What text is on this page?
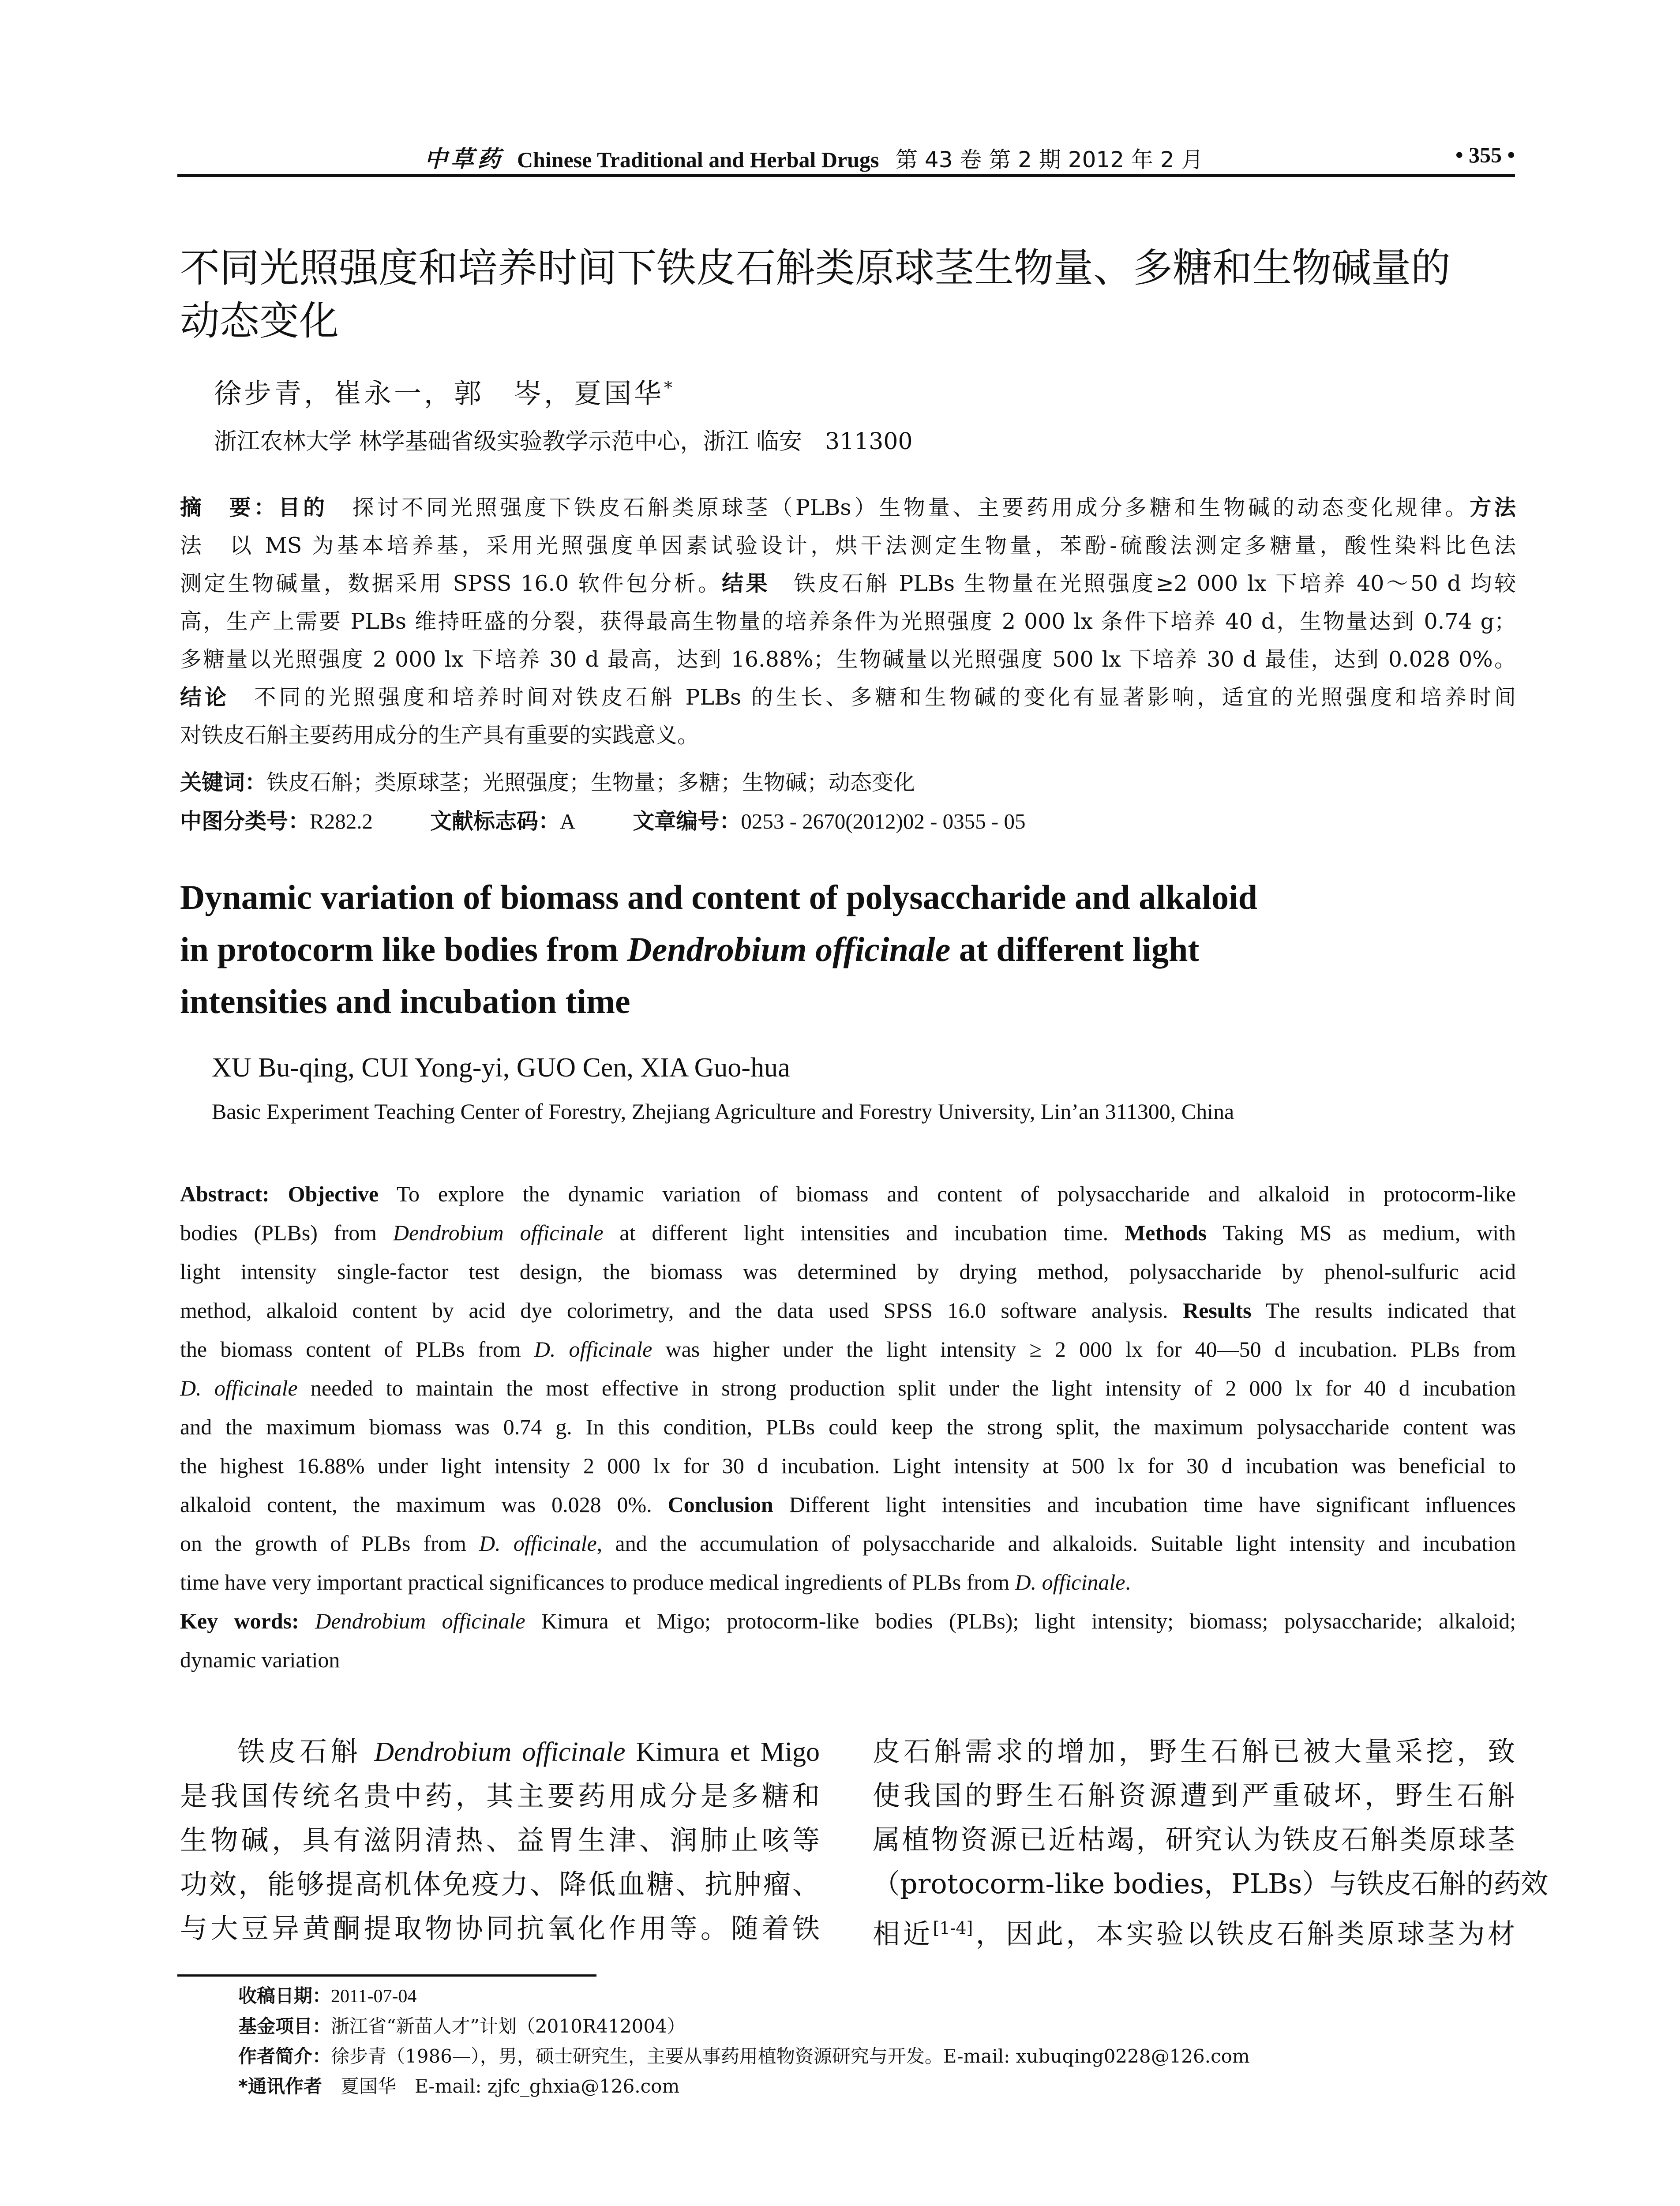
中草药 Chinese Traditional and Herbal Drugs 第 43 卷 第 2 期 2012 年 2 月	• 355 •
不同光照强度和培养时间下铁皮石斛类原球茎生物量、多糖和生物碱量的
动态变化
徐步青，崔永一，郭　岑，夏国华*
浙江农林大学 林学基础省级实验教学示范中心，浙江 临安　311300
摘　要：目的　探讨不同光照强度下铁皮石斛类原球茎（PLBs）生物量、主要药用成分多糖和生物碱的动态变化规律。方法
法　以 MS 为基本培养基，采用光照强度单因素试验设计，烘干法测定生物量，苯酚-硫酸法测定多糖量，酸性染料比色法
测定生物碱量，数据采用 SPSS 16.0 软件包分析。结果　铁皮石斛 PLBs 生物量在光照强度≥2 000 lx 下培养 40～50 d 均较
高，生产上需要 PLBs 维持旺盛的分裂，获得最高生物量的培养条件为光照强度 2 000 lx 条件下培养 40 d，生物量达到 0.74 g；
多糖量以光照强度 2 000 lx 下培养 30 d 最高，达到 16.88%；生物碱量以光照强度 500 lx 下培养 30 d 最佳，达到 0.028 0%。
结论　不同的光照强度和培养时间对铁皮石斛 PLBs 的生长、多糖和生物碱的变化有显著影响，适宜的光照强度和培养时间
对铁皮石斛主要药用成分的生产具有重要的实践意义。
关键词：铁皮石斛；类原球茎；光照强度；生物量；多糖；生物碱；动态变化
中图分类号：R282.2	文献标志码：A	文章编号：0253 - 2670(2012)02 - 0355 - 05
Dynamic variation of biomass and content of polysaccharide and alkaloid
in protocorm like bodies from Dendrobium officinale at different light
intensities and incubation time
XU Bu-qing, CUI Yong-yi, GUO Cen, XIA Guo-hua
Basic Experiment Teaching Center of Forestry, Zhejiang Agriculture and Forestry University, Lin’an 311300, China
Abstract: Objective To explore the dynamic variation of biomass and content of polysaccharide and alkaloid in protocorm-like
bodies (PLBs) from Dendrobium officinale at different light intensities and incubation time. Methods Taking MS as medium, with
light intensity single-factor test design, the biomass was determined by drying method, polysaccharide by phenol-sulfuric acid
method, alkaloid content by acid dye colorimetry, and the data used SPSS 16.0 software analysis. Results The results indicated that
the biomass content of PLBs from D. officinale was higher under the light intensity ≥ 2 000 lx for 40—50 d incubation. PLBs from
D. officinale needed to maintain the most effective in strong production split under the light intensity of 2 000 lx for 40 d incubation
and the maximum biomass was 0.74 g. In this condition, PLBs could keep the strong split, the maximum polysaccharide content was
the highest 16.88% under light intensity 2 000 lx for 30 d incubation. Light intensity at 500 lx for 30 d incubation was beneficial to
alkaloid content, the maximum was 0.028 0%. Conclusion Different light intensities and incubation time have significant influences
on the growth of PLBs from D. officinale, and the accumulation of polysaccharide and alkaloids. Suitable light intensity and incubation
time have very important practical significances to produce medical ingredients of PLBs from D. officinale.
Key words: Dendrobium officinale Kimura et Migo; protocorm-like bodies (PLBs); light intensity; biomass; polysaccharide; alkaloid;
dynamic variation
铁皮石斛 Dendrobium officinale Kimura et Migo
是我国传统名贵中药，其主要药用成分是多糖和
生物碱，具有滋阴清热、益胃生津、润肺止咳等
功效，能够提高机体免疫力、降低血糖、抗肿瘤、
与大豆异黄酮提取物协同抗氧化作用等。随着铁
皮石斛需求的增加，野生石斛已被大量采挖，致
使我国的野生石斛资源遭到严重破坏，野生石斛
属植物资源已近枯竭，研究认为铁皮石斛类原球茎
（protocorm-like bodies，PLBs）与铁皮石斛的药效
相近[1-4]，因此，本实验以铁皮石斛类原球茎为材
收稿日期：2011-07-04
基金项目：浙江省“新苗人才”计划（2010R412004）
作者简介：徐步青（1986—），男，硕士研究生，主要从事药用植物资源研究与开发。E-mail: xubuqing0228@126.com
*通讯作者　夏国华　E-mail: zjfc_ghxia@126.com
